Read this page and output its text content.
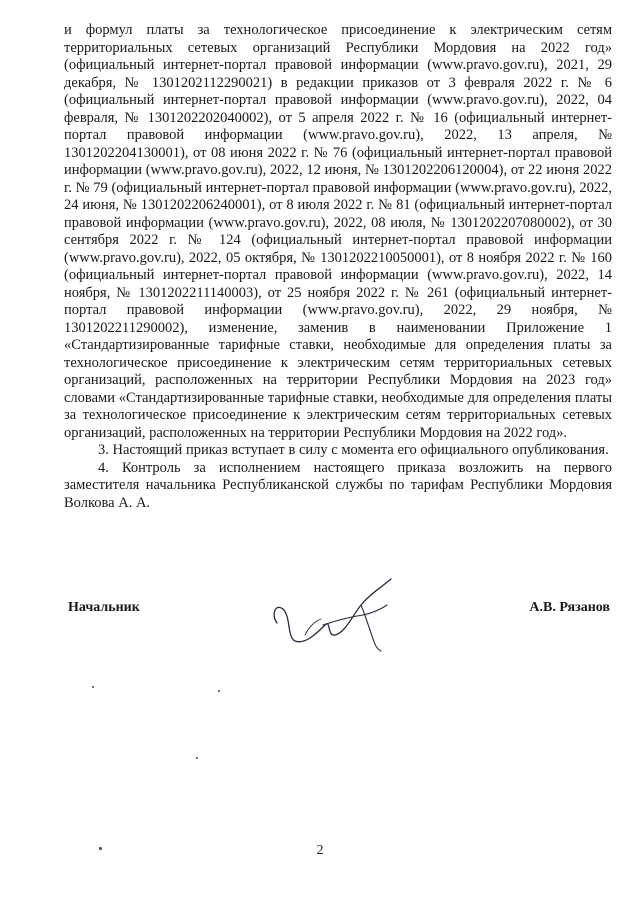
и формул платы за технологическое присоединение к электрическим сетям территориальных сетевых организаций Республики Мордовия на 2022 год» (официальный интернет-портал правовой информации (www.pravo.gov.ru), 2021, 29 декабря, № 1301202112290021) в редакции приказов от 3 февраля 2022 г. № 6 (официальный интернет-портал правовой информации (www.pravo.gov.ru), 2022, 04 февраля, № 1301202202040002), от 5 апреля 2022 г. № 16 (официальный интернет-портал правовой информации (www.pravo.gov.ru), 2022, 13 апреля, № 1301202204130001), от 08 июня 2022 г. № 76 (официальный интернет-портал правовой информации (www.pravo.gov.ru), 2022, 12 июня, № 1301202206120004), от 22 июня 2022 г. № 79 (официальный интернет-портал правовой информации (www.pravo.gov.ru), 2022, 24 июня, № 1301202206240001), от 8 июля 2022 г. № 81 (официальный интернет-портал правовой информации (www.pravo.gov.ru), 2022, 08 июля, № 1301202207080002), от 30 сентября 2022 г. № 124 (официальный интернет-портал правовой информации (www.pravo.gov.ru), 2022, 05 октября, № 1301202210050001), от 8 ноября 2022 г. № 160 (официальный интернет-портал правовой информации (www.pravo.gov.ru), 2022, 14 ноября, № 1301202211140003), от 25 ноября 2022 г. № 261 (официальный интернет-портал правовой информации (www.pravo.gov.ru), 2022, 29 ноября, № 1301202211290002), изменение, заменив в наименовании Приложение 1 «Стандартизированные тарифные ставки, необходимые для определения платы за технологическое присоединение к электрическим сетям территориальных сетевых организаций, расположенных на территории Республики Мордовия на 2023 год» словами «Стандартизированные тарифные ставки, необходимые для определения платы за технологическое присоединение к электрическим сетям территориальных сетевых организаций, расположенных на территории Республики Мордовия на 2022 год».

3. Настоящий приказ вступает в силу с момента его официального опубликования.

4. Контроль за исполнением настоящего приказа возложить на первого заместителя начальника Республиканской службы по тарифам Республики Мордовия Волкова А. А.

Начальник	А.В. Рязанов
2
